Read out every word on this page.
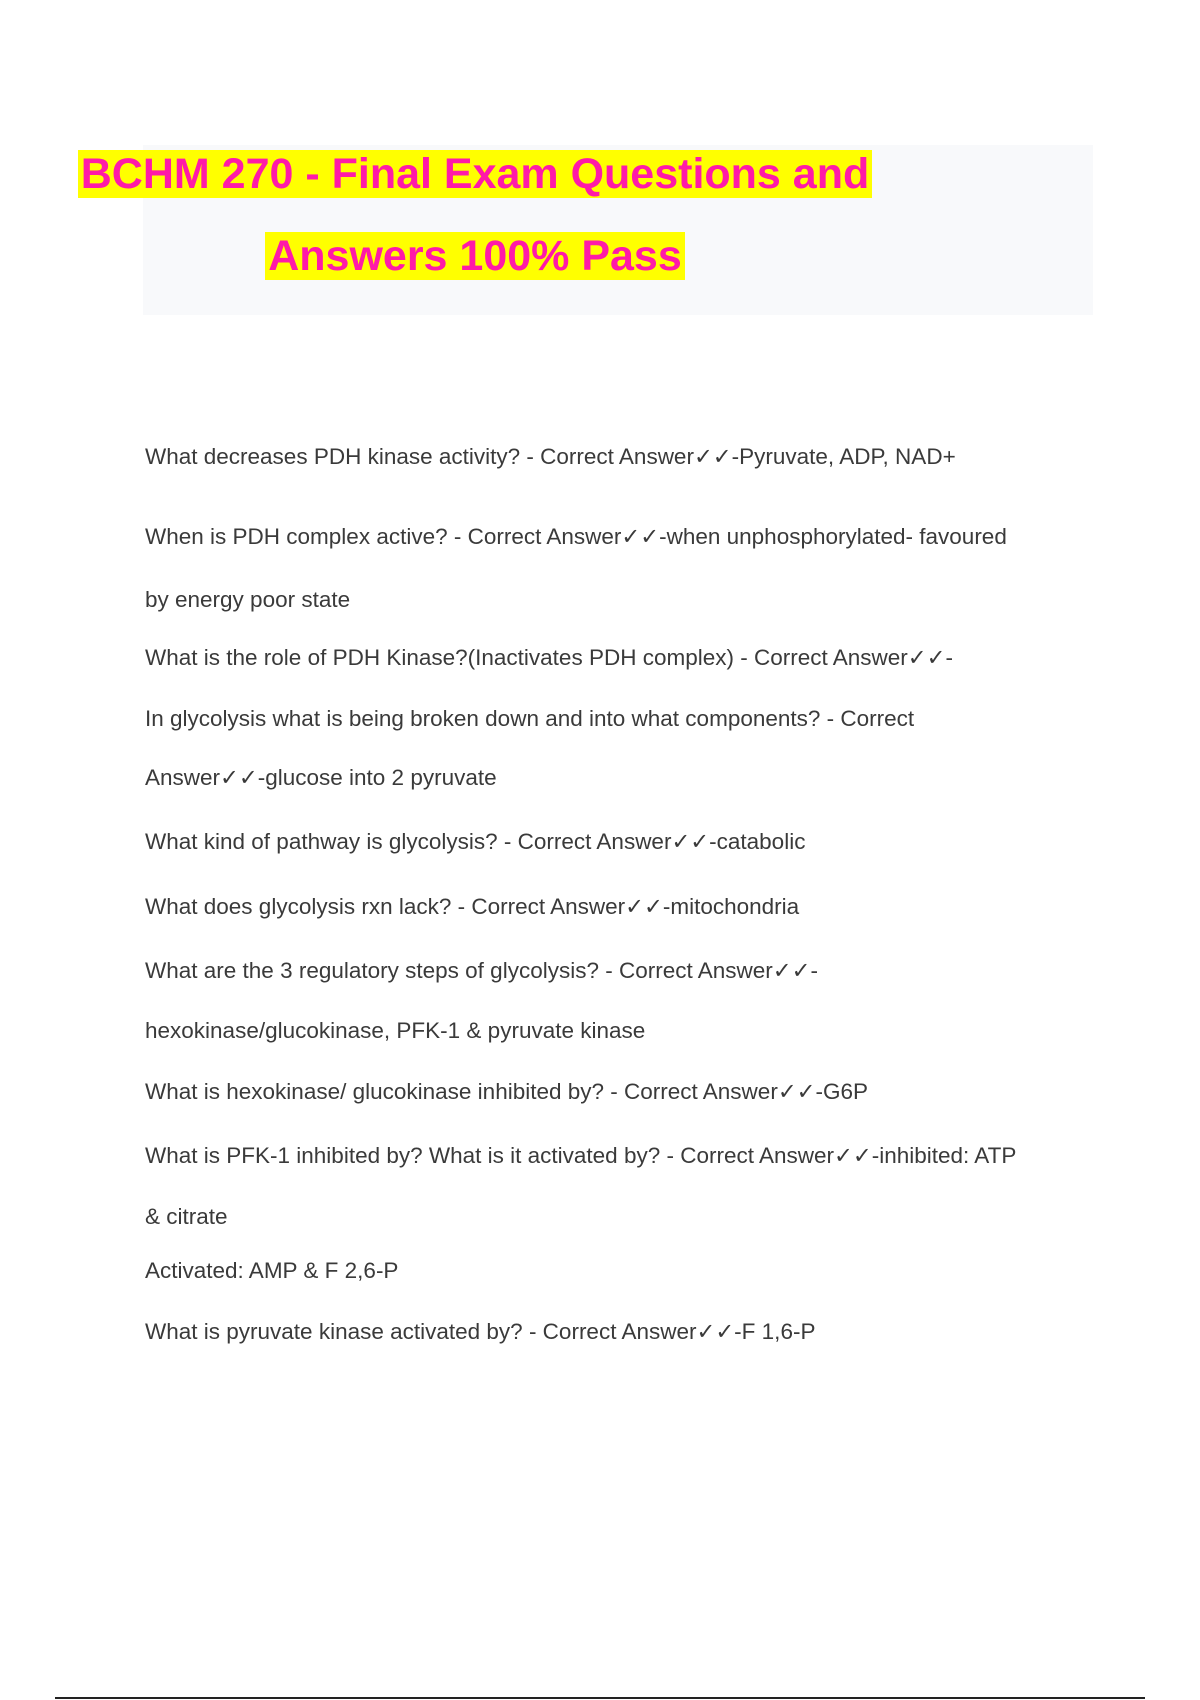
BCHM 270 - Final Exam Questions and
Answers 100% Pass

What decreases PDH kinase activity? - Correct Answer✓✓-Pyruvate, ADP, NAD+

When is PDH complex active? - Correct Answer✓✓-when unphosphorylated- favoured

by energy poor state

What is the role of PDH Kinase?(Inactivates PDH complex) - Correct Answer✓✓-

In glycolysis what is being broken down and into what components? - Correct

Answer✓✓-glucose into 2 pyruvate

What kind of pathway is glycolysis? - Correct Answer✓✓-catabolic

What does glycolysis rxn lack? - Correct Answer✓✓-mitochondria

What are the 3 regulatory steps of glycolysis? - Correct Answer✓✓-

hexokinase/glucokinase, PFK-1 & pyruvate kinase

What is hexokinase/ glucokinase inhibited by? - Correct Answer✓✓-G6P

What is PFK-1 inhibited by? What is it activated by? - Correct Answer✓✓-inhibited: ATP

& citrate

Activated: AMP & F 2,6-P

What is pyruvate kinase activated by? - Correct Answer✓✓-F 1,6-P
